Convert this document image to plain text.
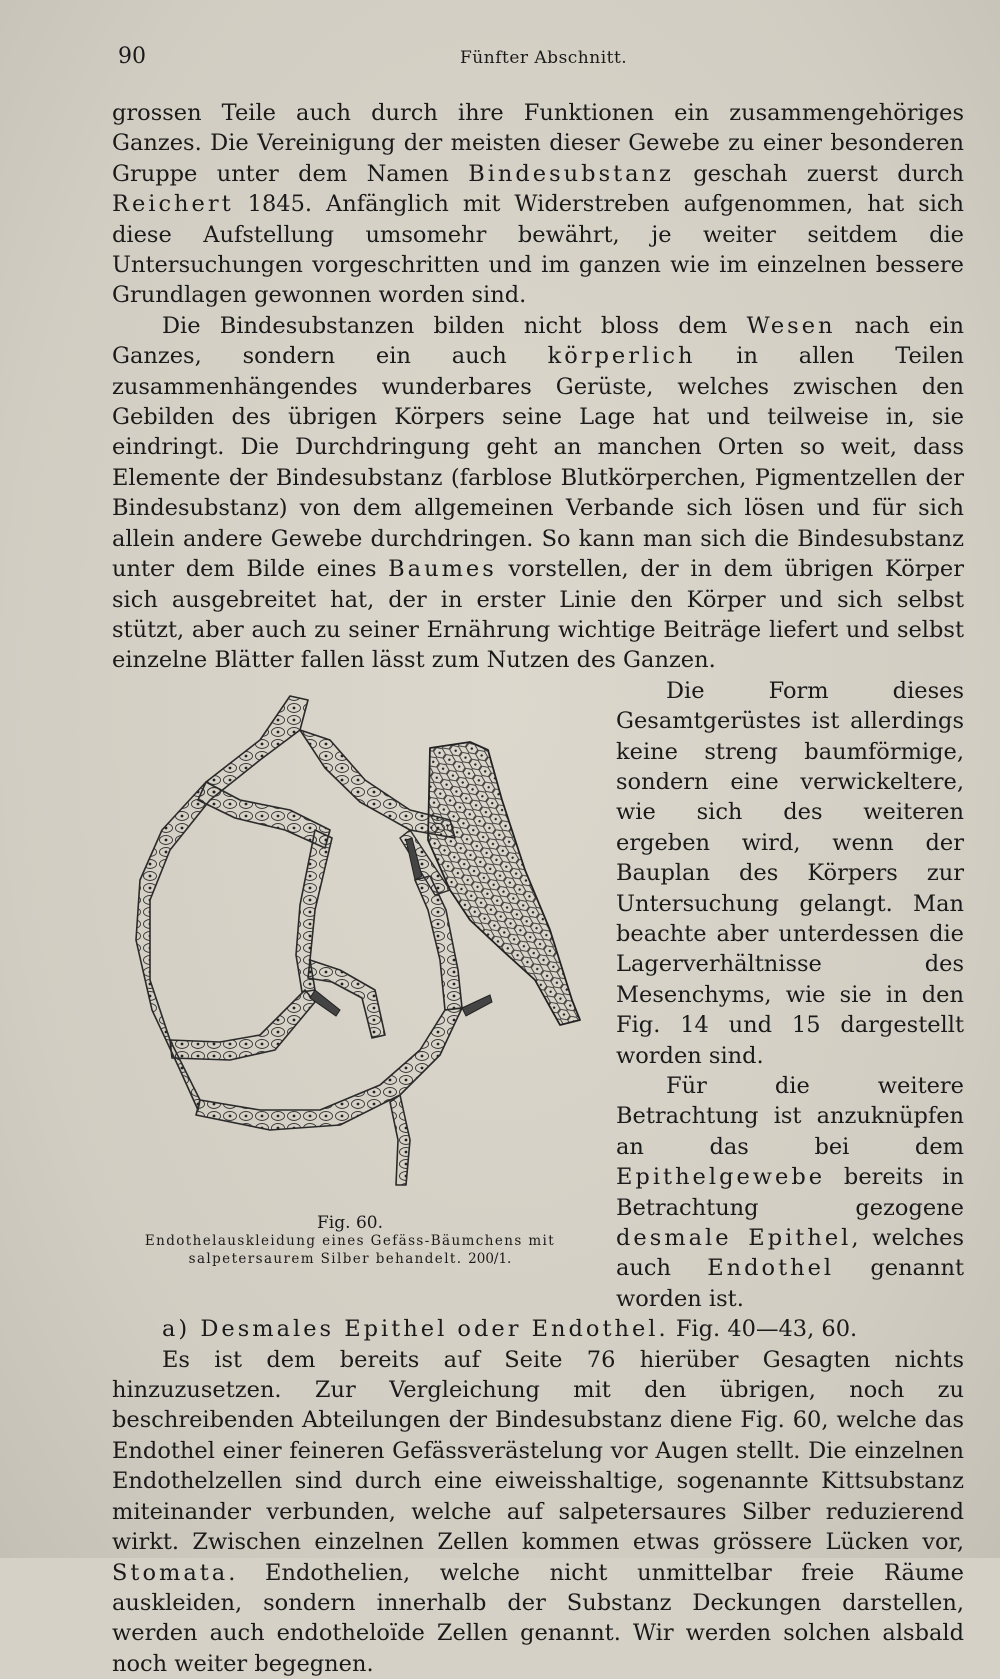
90	Fünfter Abschnitt.

grossen Teile auch durch ihre Funktionen ein zusammengehöriges Ganzes. Die Vereinigung der meisten dieser Gewebe zu einer besonderen Gruppe unter dem Namen Bindesubstanz geschah zuerst durch Reichert 1845. Anfänglich mit Widerstreben aufgenommen, hat sich diese Aufstellung umsomehr bewährt, je weiter seitdem die Untersuchungen vorgeschritten und im ganzen wie im einzelnen bessere Grundlagen gewonnen worden sind.

Die Bindesubstanzen bilden nicht bloss dem Wesen nach ein Ganzes, sondern ein auch körperlich in allen Teilen zusammenhängendes wunderbares Gerüste, welches zwischen den Gebilden des übrigen Körpers seine Lage hat und teilweise in, sie eindringt. Die Durchdringung geht an manchen Orten so weit, dass Elemente der Bindesubstanz (farblose Blutkörperchen, Pigmentzellen der Bindesubstanz) von dem allgemeinen Verbande sich lösen und für sich allein andere Gewebe durchdringen. So kann man sich die Bindesubstanz unter dem Bilde eines Baumes vorstellen, der in dem übrigen Körper sich ausgebreitet hat, der in erster Linie den Körper und sich selbst stützt, aber auch zu seiner Ernährung wichtige Beiträge liefert und selbst einzelne Blätter fallen lässt zum Nutzen des Ganzen.

Fig. 60.
Endothelauskleidung eines Gefäss-Bäumchens mit salpetersaurem Silber behandelt. 200/1.

Die Form dieses Gesamtgerüstes ist allerdings keine streng baumförmige, sondern eine verwickeltere, wie sich des weiteren ergeben wird, wenn der Bauplan des Körpers zur Untersuchung gelangt. Man beachte aber unterdessen die Lagerverhältnisse des Mesenchyms, wie sie in den Fig. 14 und 15 dargestellt worden sind.

Für die weitere Betrachtung ist anzuknüpfen an das bei dem Epithelgewebe bereits in Betrachtung gezogene desmale Epithel, welches auch Endothel genannt worden ist.

a) Desmales Epithel oder Endothel. Fig. 40—43, 60.

Es ist dem bereits auf Seite 76 hierüber Gesagten nichts hinzuzusetzen. Zur Vergleichung mit den übrigen, noch zu beschreibenden Abteilungen der Bindesubstanz diene Fig. 60, welche das Endothel einer feineren Gefässverästelung vor Augen stellt. Die einzelnen Endothelzellen sind durch eine eiweisshaltige, sogenannte Kittsubstanz miteinander verbunden, welche auf salpetersaures Silber reduzierend wirkt. Zwischen einzelnen Zellen kommen etwas grössere Lücken vor, Stomata. Endothelien, welche nicht unmittelbar freie Räume auskleiden, sondern innerhalb der Substanz Deckungen darstellen, werden auch endotheloïde Zellen genannt. Wir werden solchen alsbald noch weiter begegnen.
